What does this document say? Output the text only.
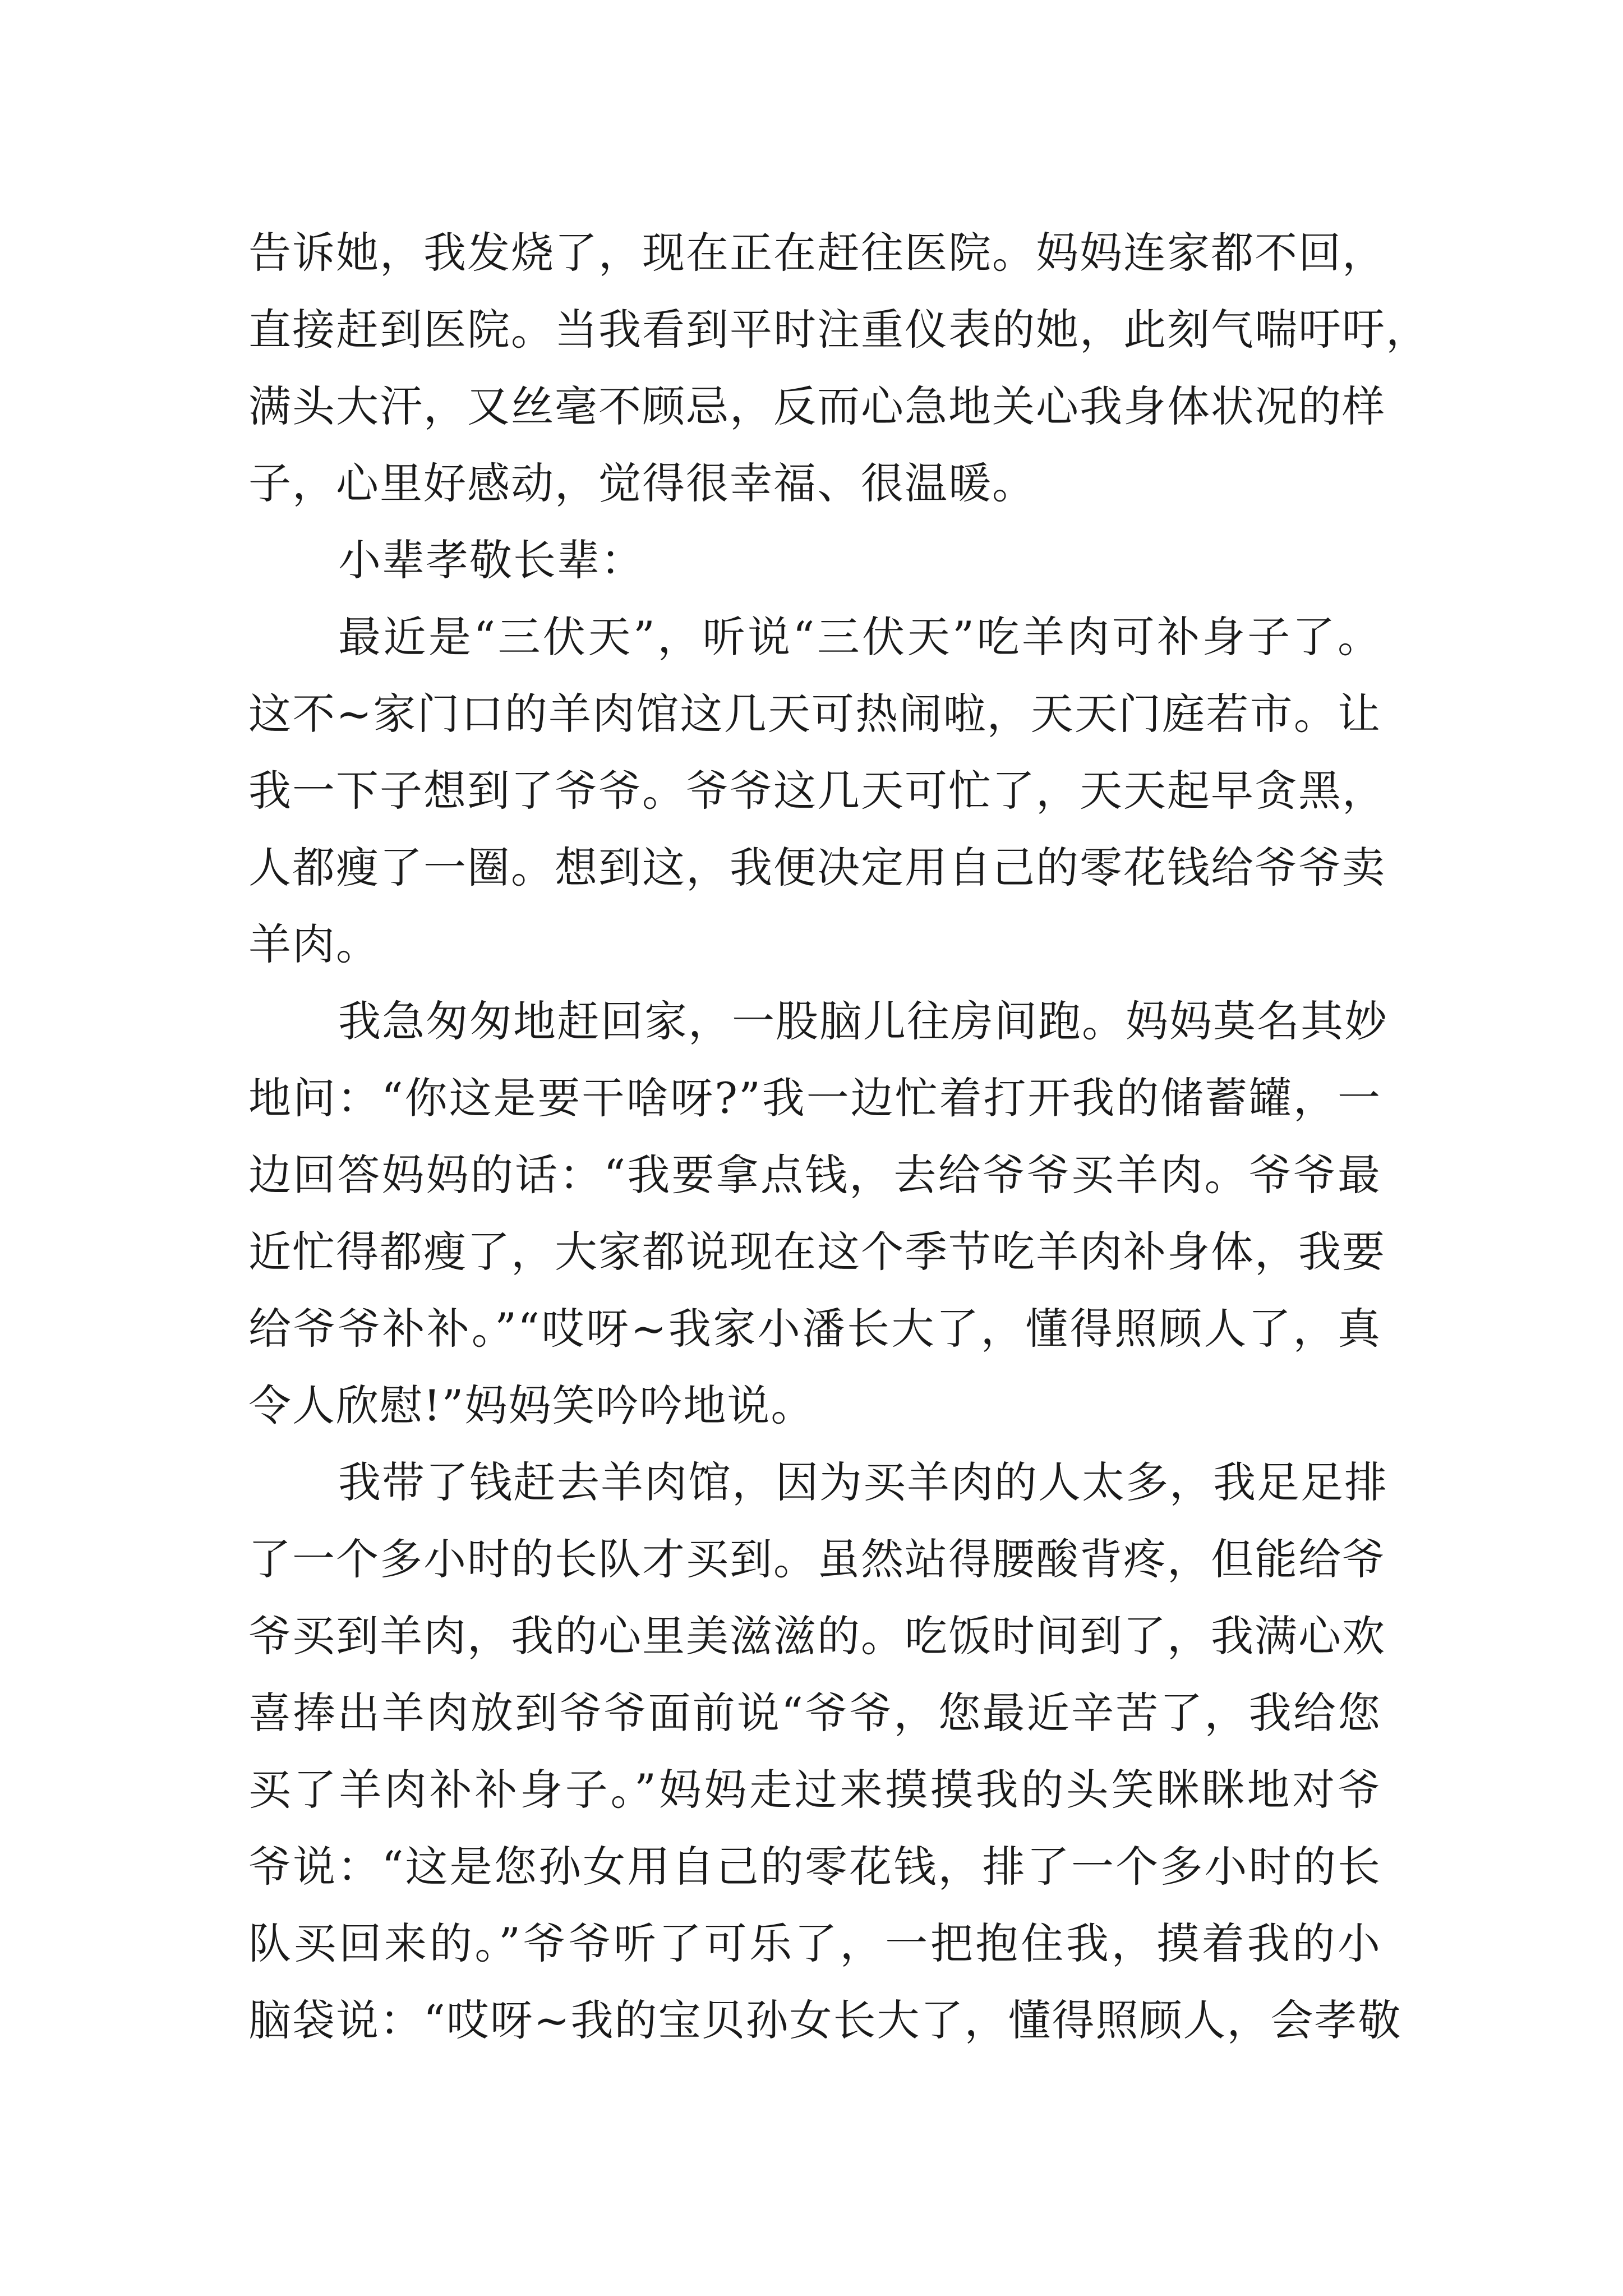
告诉她，我发烧了，现在正在赶往医院。妈妈连家都不回，
直接赶到医院。当我看到平时注重仪表的她，此刻气喘吁吁，
满头大汗，又丝毫不顾忌，反而心急地关心我身体状况的样
子，心里好感动，觉得很幸福、很温暖。
小辈孝敬长辈：
最近是“三伏天”，听说“三伏天”吃羊肉可补身子了。
这不~家门口的羊肉馆这几天可热闹啦，天天门庭若市。让
我一下子想到了爷爷。爷爷这几天可忙了，天天起早贪黑，
人都瘦了一圈。想到这，我便决定用自己的零花钱给爷爷卖
羊肉。
我急匆匆地赶回家，一股脑儿往房间跑。妈妈莫名其妙
地问：“你这是要干啥呀?”我一边忙着打开我的储蓄罐，一
边回答妈妈的话：“我要拿点钱，去给爷爷买羊肉。爷爷最
近忙得都瘦了，大家都说现在这个季节吃羊肉补身体，我要
给爷爷补补。”“哎呀~我家小潘长大了，懂得照顾人了，真
令人欣慰!”妈妈笑吟吟地说。
我带了钱赶去羊肉馆，因为买羊肉的人太多，我足足排
了一个多小时的长队才买到。虽然站得腰酸背疼，但能给爷
爷买到羊肉，我的心里美滋滋的。吃饭时间到了，我满心欢
喜捧出羊肉放到爷爷面前说“爷爷，您最近辛苦了，我给您
买了羊肉补补身子。”妈妈走过来摸摸我的头笑眯眯地对爷
爷说：“这是您孙女用自己的零花钱，排了一个多小时的长
队买回来的。”爷爷听了可乐了，一把抱住我，摸着我的小
脑袋说：“哎呀~我的宝贝孙女长大了，懂得照顾人，会孝敬
